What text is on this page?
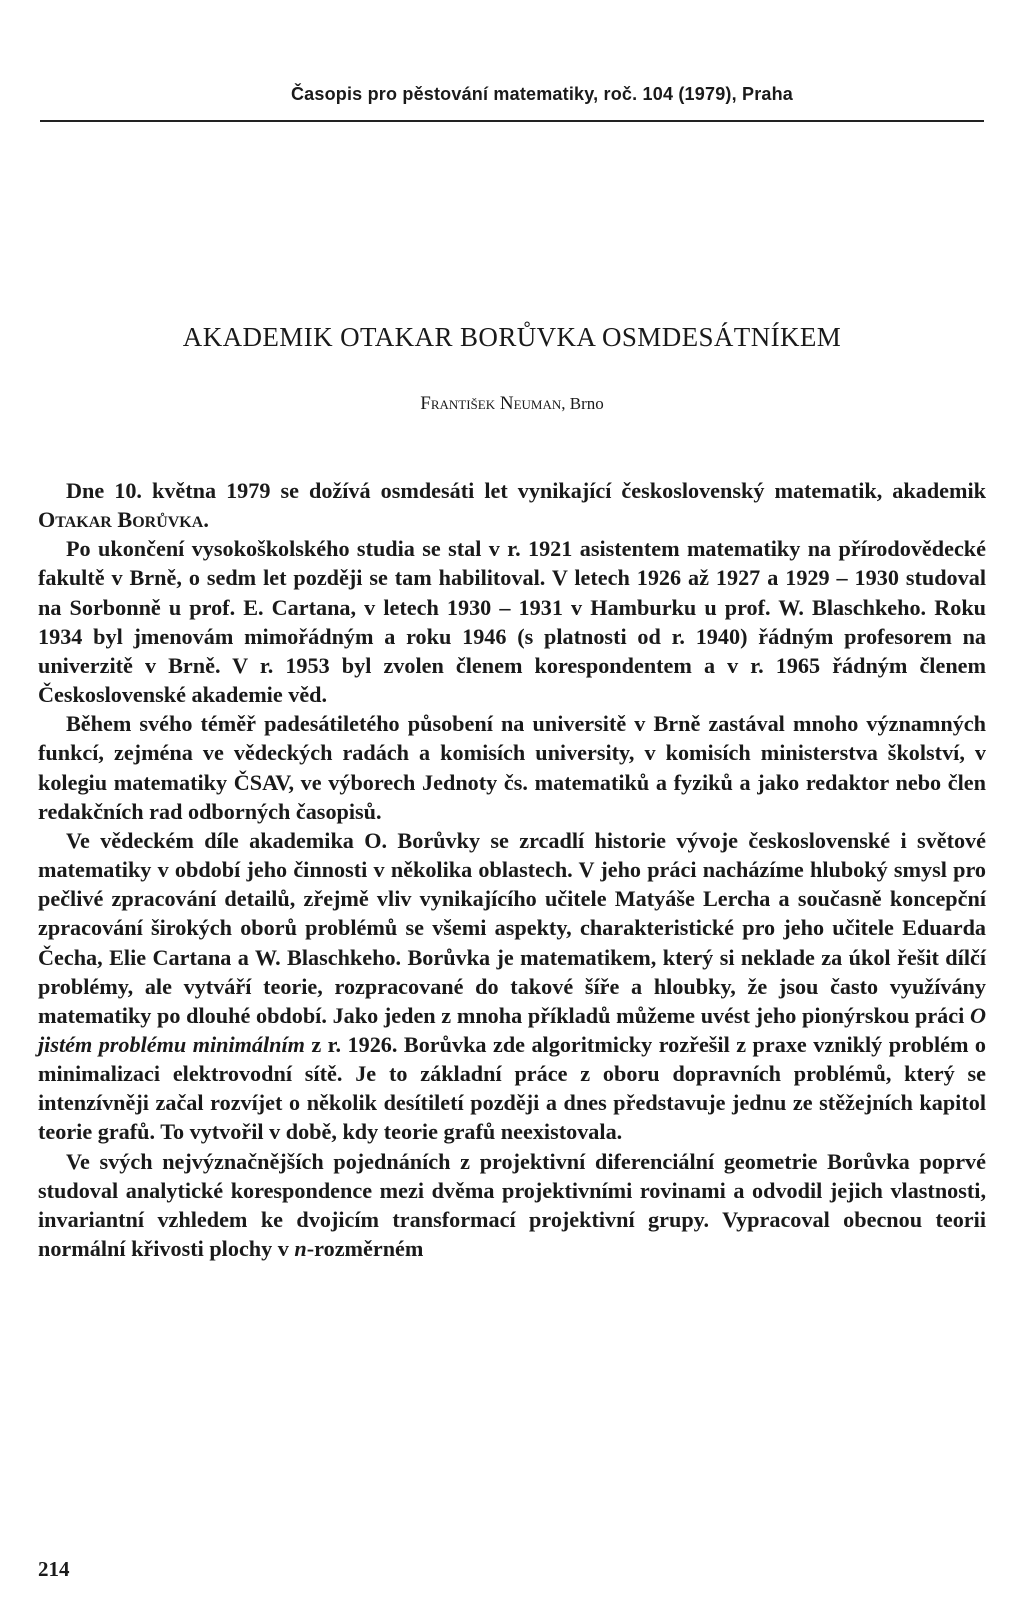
Časopis pro pěstování matematiky, roč. 104 (1979), Praha
AKADEMIK OTAKAR BORŮVKA OSMDESÁTNÍKEM
František Neuman, Brno

Dne 10. května 1979 se dožívá osmdesáti let vynikající československý matematik, akademik Otakar Borůvka.

Po ukončení vysokoškolského studia se stal v r. 1921 asistentem matematiky na přírodovědecké fakultě v Brně, o sedm let později se tam habilitoval. V letech 1926 až 1927 a 1929 – 1930 studoval na Sorbonně u prof. E. Cartana, v letech 1930 – 1931 v Hamburku u prof. W. Blaschkeho. Roku 1934 byl jmenovám mimořádným a roku 1946 (s platnosti od r. 1940) řádným profesorem na univerzitě v Brně. V r. 1953 byl zvolen členem korespondentem a v r. 1965 řádným členem Československé akademie věd.

Během svého téměř padesátiletého působení na universitě v Brně zastával mnoho významných funkcí, zejména ve vědeckých radách a komisích university, v komisích ministerstva školství, v kolegiu matematiky ČSAV, ve výborech Jednoty čs. matematiků a fyziků a jako redaktor nebo člen redakčních rad odborných časopisů.

Ve vědeckém díle akademika O. Borůvky se zrcadlí historie vývoje československé i světové matematiky v období jeho činnosti v několika oblastech. V jeho práci nacházíme hluboký smysl pro pečlivé zpracování detailů, zřejmě vliv vynikajícího učitele Matyáše Lercha a současně koncepční zpracování širokých oborů problémů se všemi aspekty, charakteristické pro jeho učitele Eduarda Čecha, Elie Cartana a W. Blaschkeho. Borůvka je matematikem, který si neklade za úkol řešit dílčí problémy, ale vytváří teorie, rozpracované do takové šíře a hloubky, že jsou často využívány matematiky po dlouhé období. Jako jeden z mnoha příkladů můžeme uvést jeho pionýrskou práci O jistém problému minimálním z r. 1926. Borůvka zde algoritmicky rozřešil z praxe vzniklý problém o minimalizaci elektrovodní sítě. Je to základní práce z oboru dopravních problémů, který se intenzívněji začal rozvíjet o několik desítiletí později a dnes představuje jednu ze stěžejních kapitol teorie grafů. To vytvořil v době, kdy teorie grafů neexistovala.

Ve svých nejvýznačnějších pojednáních z projektivní diferenciální geometrie Borůvka poprvé studoval analytické korespondence mezi dvěma projektivními rovinami a odvodil jejich vlastnosti, invariantní vzhledem ke dvojicím transformací projektivní grupy. Vypracoval obecnou teorii normální křivosti plochy v n-rozměrném

214
